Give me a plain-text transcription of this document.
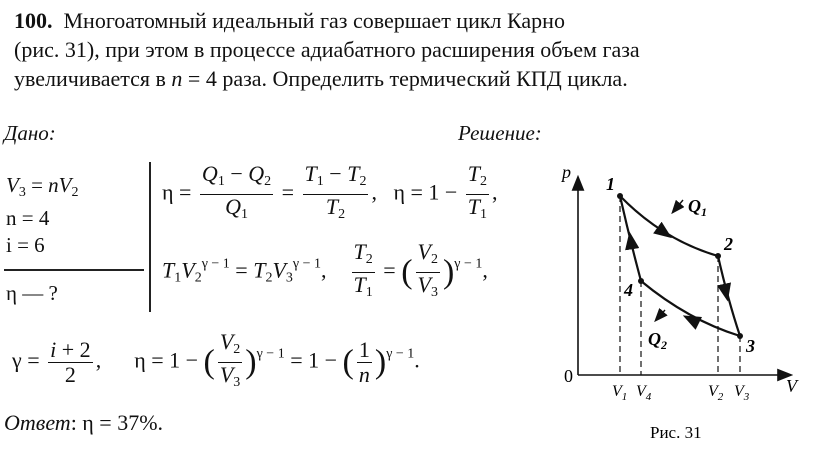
100. Многоатомный идеальный газ совершает цикл Карно
(рис. 31), при этом в процессе адиабатного расширения объем газа
увеличивается в n = 4 раза. Определить термический КПД цикла.
Дано:	Решение:
$V_3 = nV_2$
n = 4
i = 6
η — ?
$\eta = \frac{Q_1 - Q_2}{Q_1} = \frac{T_1 - T_2}{T_2}$ ,   $\eta = 1 - \frac{T_2}{T_1}$ ,
$T_1V_2^{\gamma - 1} = T_2V_3^{\gamma - 1}$, $\frac{T_2}{T_1}$ = ( $\frac{V_2}{V_3} )^{\gamma - 1}$,
$\gamma = \frac{i + 2}{2}$ ,      η = 1 − ( $\frac{V_2}{V_3} )^{\gamma - 1} = 1$ − ( $\frac{1}{n} )^{\gamma - 1}$.
Ответ: η = 37%.
p
V
0
$Q_1$
$Q_2$
1
2
3
4
$V_1$ $V_4$	$V_2$ $V_3$
Рис. 31
